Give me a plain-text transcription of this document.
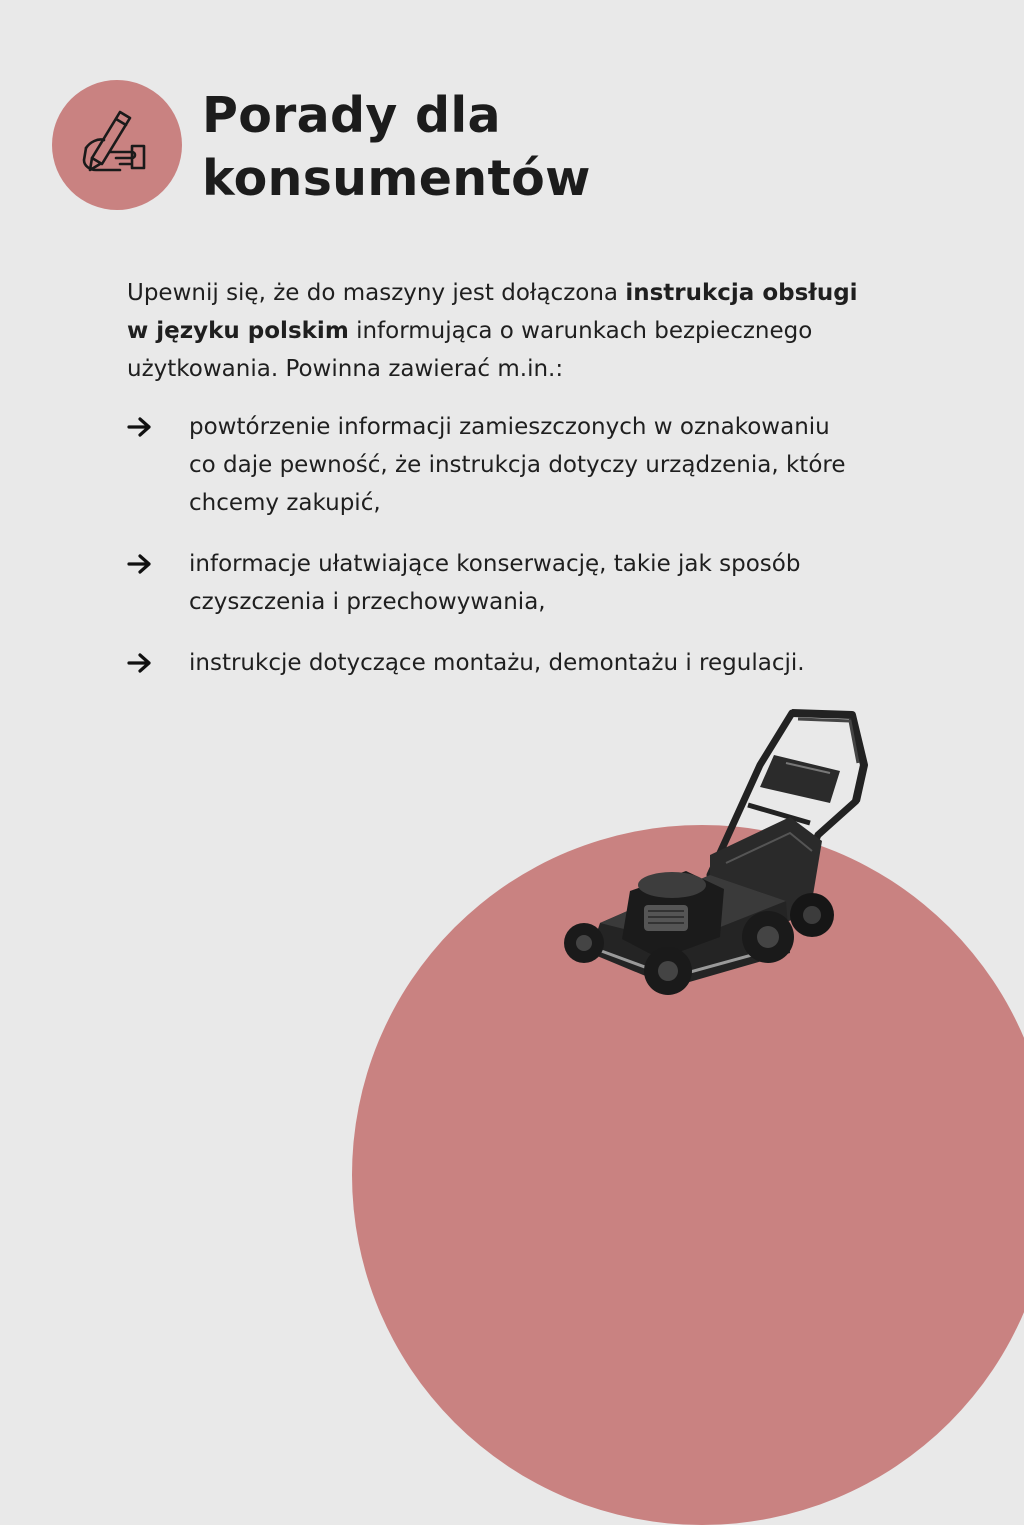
Porady dla
konsumentów

Upewnij się, że do maszyny jest dołączona instrukcja obsługi
w języku polskim informująca o warunkach bezpiecznego
użytkowania. Powinna zawierać m.in.:

powtórzenie informacji zamieszczonych w oznakowaniu
co daje pewność, że instrukcja dotyczy urządzenia, które
chcemy zakupić,
informacje ułatwiające konserwację, takie jak sposób
czyszczenia i przechowywania,
instrukcje dotyczące montażu, demontażu i regulacji.
